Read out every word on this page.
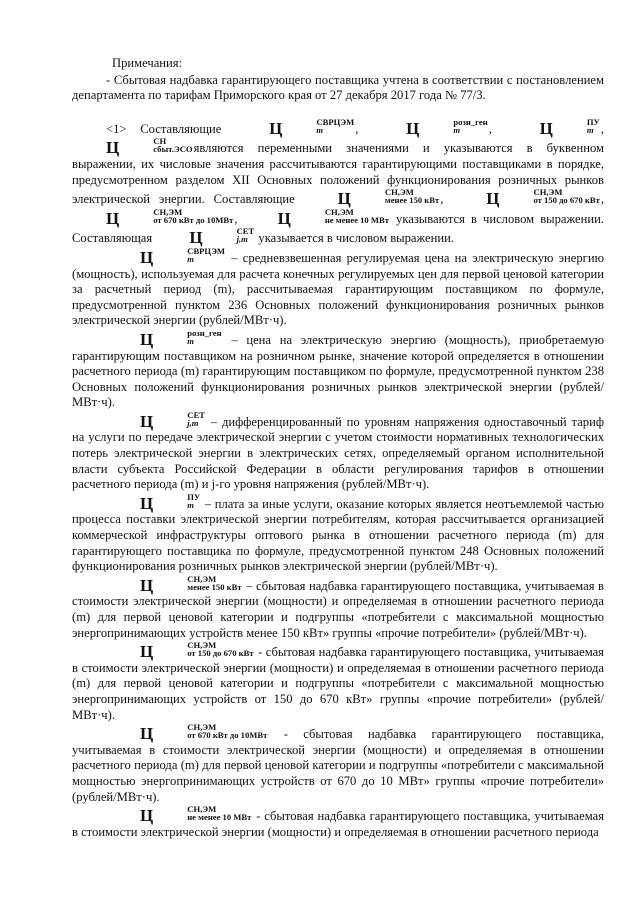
Примечания:

- Сбытовая надбавка гарантирующего поставщика учтена в соответствии с постановлением департамента по тарифам Приморского края от 27 декабря 2017 года № 77/3.

<1> Составляющие	Ц	СВРЦЭМ
m	,	Ц	розн_ген
m	,	Ц	ПУ
m , Ц	СН
сбыт.ЭСО являются переменными значениями и указываются в буквенном выражении, их числовые значения рассчитываются гарантирующими поставщиками в порядке, предусмотренном разделом XII Основных положений функционирования розничных рынков электрической энергии. Составляющие	Ц	СН,ЭМ
менее 150 кВт ,	Ц	СН,ЭМ
от 150 до 670 кВт , Ц	СН,ЭМ
от 670 кВт до 10МВт , Ц	СН,ЭМ
не менее 10 МВт указываются в числовом выражении. Составляющая Ц	СЕТ
j,m указывается в числовом выражении.

Ц	СВРЦЭМ
m	– средневзвешенная регулируемая цена на электрическую энергию (мощность), используемая для расчета конечных регулируемых цен для первой ценовой категории за расчетный период (m), рассчитываемая гарантирующим поставщиком по формуле, предусмотренной пунктом 236 Основных положений функционирования розничных рынков электрической энергии (рублей/МВт·ч).

Ц	розн_ген
m	– цена на электрическую энергию (мощность), приобретаемую гарантирующим поставщиком на розничном рынке, значение которой определяется в отношении расчетного периода (m) гарантирующим поставщиком по формуле, предусмотренной пунктом 238 Основных положений функционирования розничных рынков электрической энергии (рублей/МВт·ч).

Ц	СЕТ
j,m – дифференцированный по уровням напряжения одноставочный тариф на услуги по передаче электрической энергии с учетом стоимости нормативных технологических потерь электрической энергии в электрических сетях, определяемый органом исполнительной власти субъекта Российской Федерации в области регулирования тарифов в отношении расчетного периода (m) и j-го уровня напряжения (рублей/МВт·ч).

Ц	ПУ
m – плата за иные услуги, оказание которых является неотъемлемой частью процесса поставки электрической энергии потребителям, которая рассчитывается организацией коммерческой инфраструктуры оптового рынка в отношении расчетного периода (m) для гарантирующего поставщика по формуле, предусмотренной пунктом 248 Основных положений функционирования розничных рынков электрической энергии (рублей/МВт·ч).

Ц	СН,ЭМ
менее 150 кВт – сбытовая надбавка гарантирующего поставщика, учитываемая в стоимости электрической энергии (мощности) и определяемая в отношении расчетного периода (m) для первой ценовой категории и подгруппы «потребители с максимальной мощностью энергопринимающих устройств менее 150 кВт» группы «прочие потребители» (рублей/МВт·ч).

Ц	СН,ЭМ
от 150 до 670 кВт - сбытовая надбавка гарантирующего поставщика, учитываемая в стоимости электрической энергии (мощности) и определяемая в отношении расчетного периода (m) для первой ценовой категории и подгруппы «потребители с максимальной мощностью энергопринимающих устройств от 150 до 670 кВт» группы «прочие потребители» (рублей/МВт·ч).

Ц	СН,ЭМ
от 670 кВт до 10МВт - сбытовая надбавка гарантирующего поставщика, учитываемая в стоимости электрической энергии (мощности) и определяемая в отношении расчетного периода (m) для первой ценовой категории и подгруппы «потребители с максимальной мощностью энергопринимающих устройств от 670 до 10 МВт» группы «прочие потребители» (рублей/МВт·ч).

Ц	СН,ЭМ
не менее 10 МВт - сбытовая надбавка гарантирующего поставщика, учитываемая в стоимости электрической энергии (мощности) и определяемая в отношении расчетного периода
